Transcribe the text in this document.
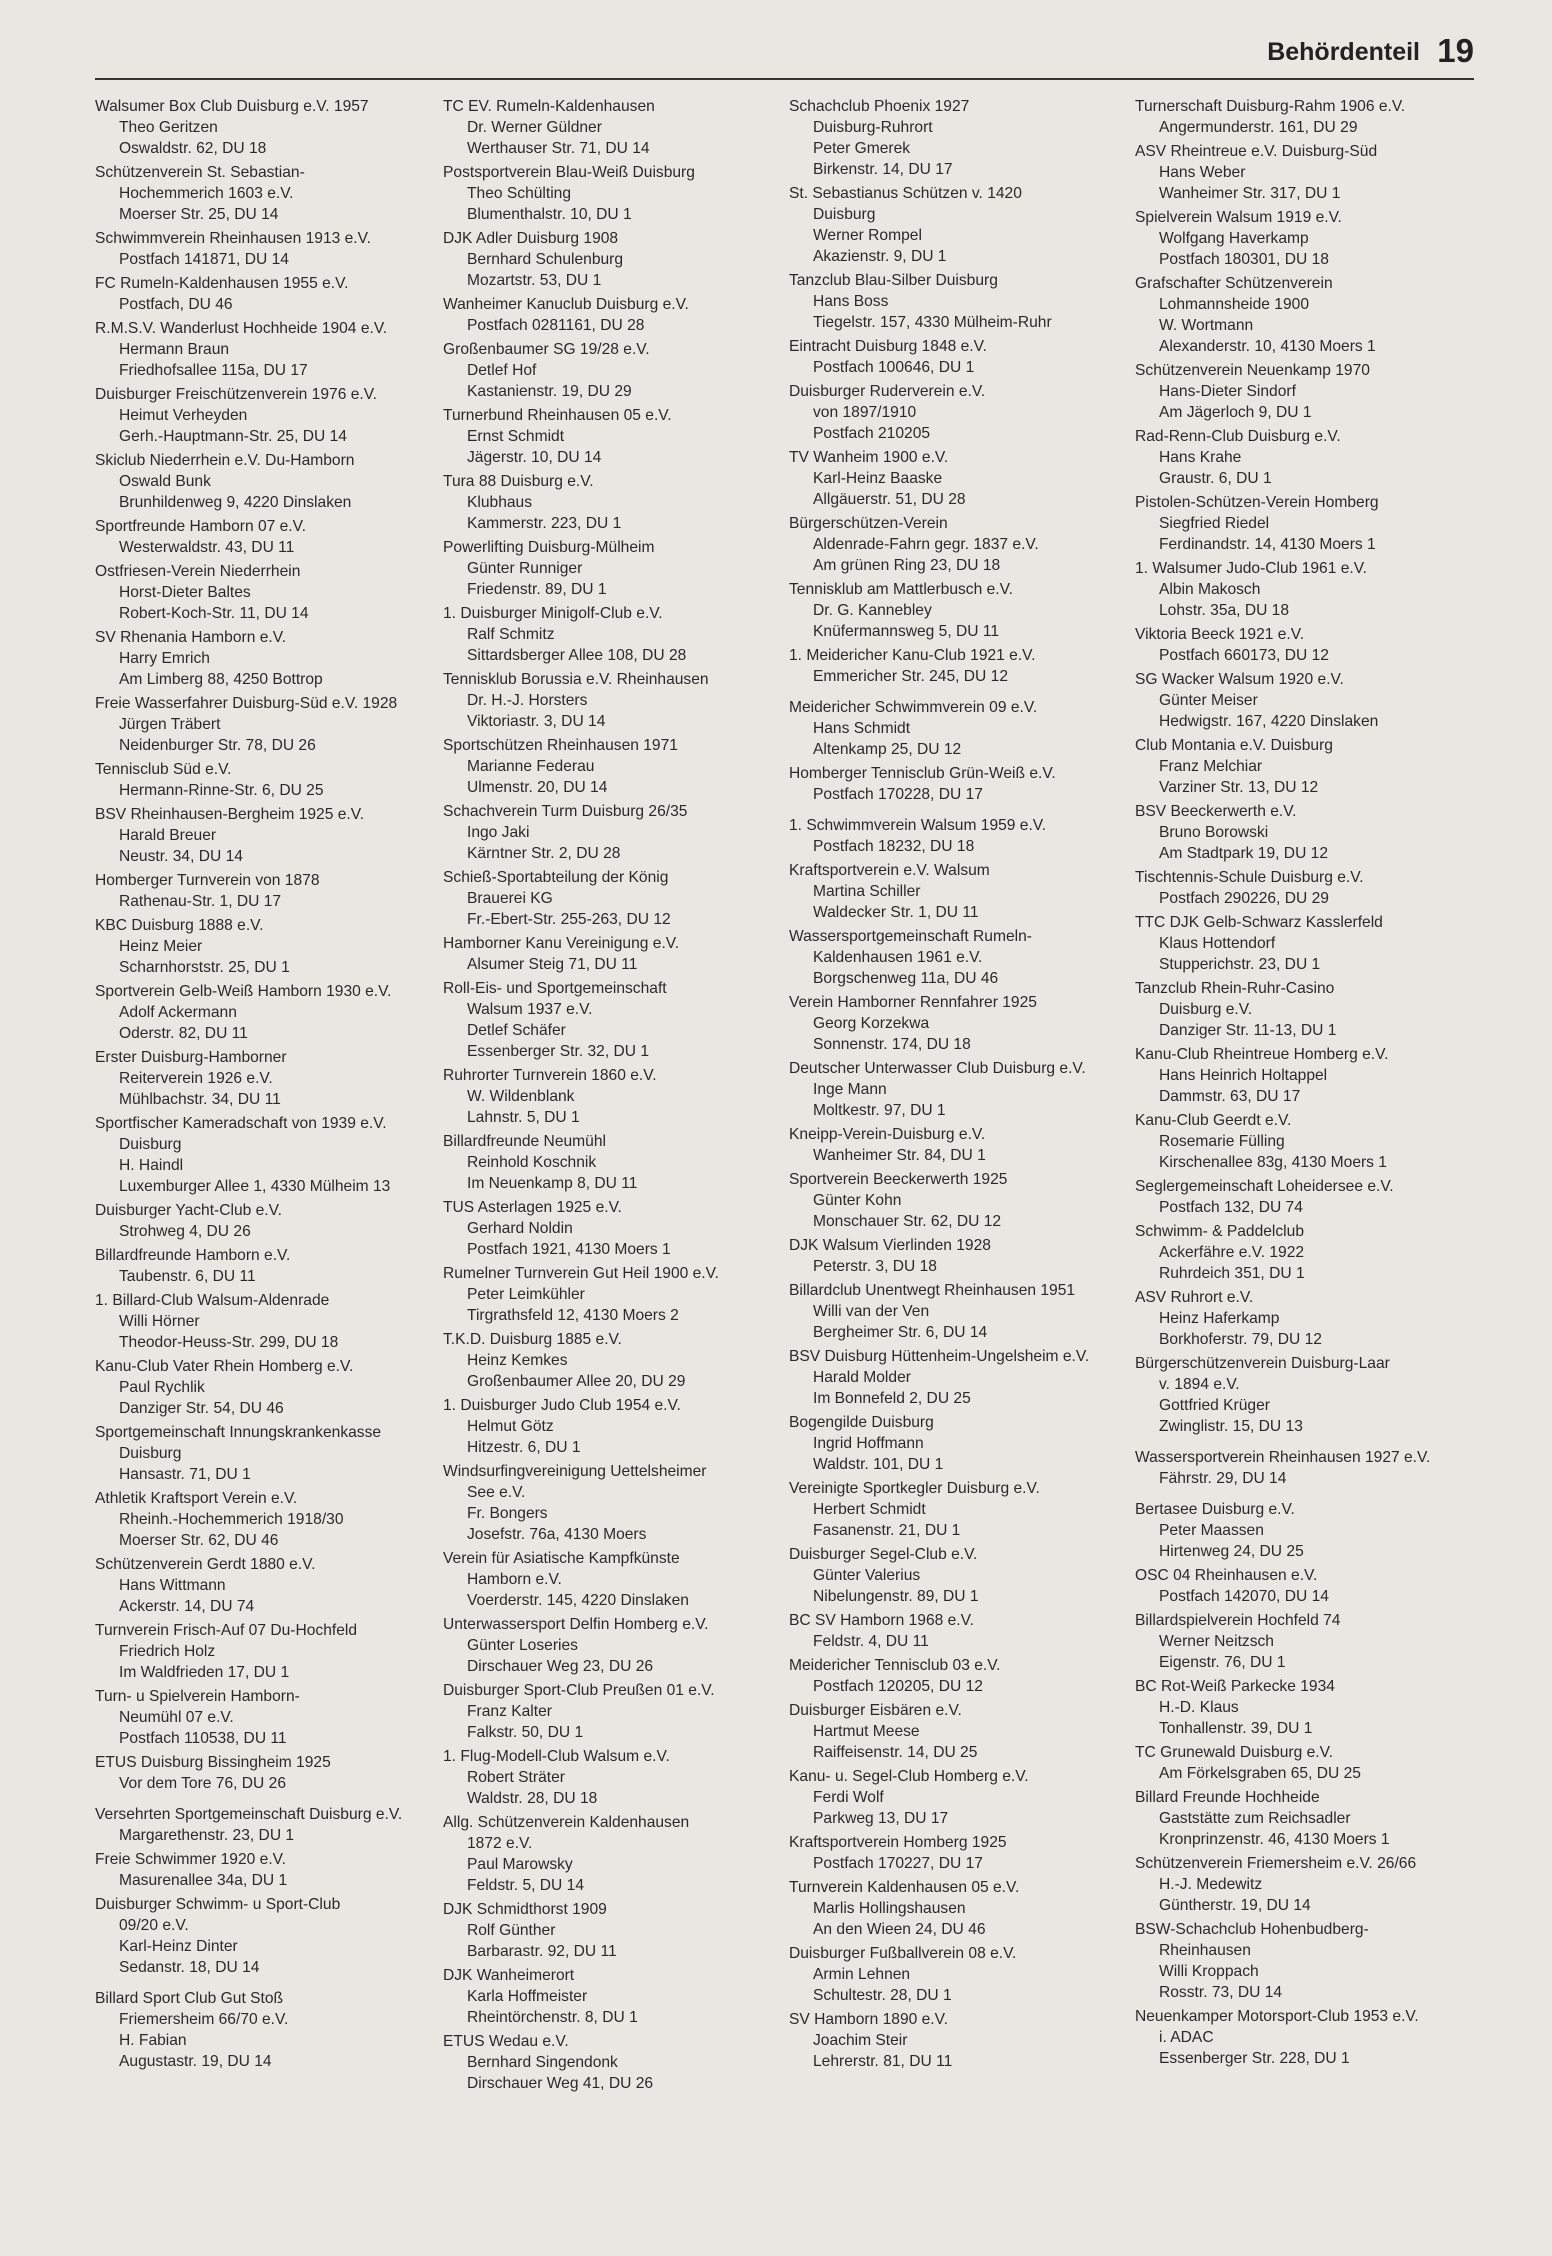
Behördenteil 19
Walsumer Box Club Duisburg e.V. 1957
Theo Geritzen
Oswaldstr. 62, DU 18
Schützenverein St. Sebastian-
Hochemmerich 1603 e.V.
Moerser Str. 25, DU 14
Schwimmverein Rheinhausen 1913 e.V.
Postfach 141871, DU 14
FC Rumeln-Kaldenhausen 1955 e.V.
Postfach, DU 46
R.M.S.V. Wanderlust Hochheide 1904 e.V.
Hermann Braun
Friedhofsallee 115a, DU 17
Duisburger Freischützenverein 1976 e.V.
Heimut Verheyden
Gerh.-Hauptmann-Str. 25, DU 14
Skiclub Niederrhein e.V. Du-Hamborn
Oswald Bunk
Brunhildenweg 9, 4220 Dinslaken
Sportfreunde Hamborn 07 e.V.
Westerwaldstr. 43, DU 11
Ostfriesen-Verein Niederrhein
Horst-Dieter Baltes
Robert-Koch-Str. 11, DU 14
SV Rhenania Hamborn e.V.
Harry Emrich
Am Limberg 88, 4250 Bottrop
Freie Wasserfahrer Duisburg-Süd e.V. 1928
Jürgen Träbert
Neidenburger Str. 78, DU 26
Tennisclub Süd e.V.
Hermann-Rinne-Str. 6, DU 25
BSV Rheinhausen-Bergheim 1925 e.V.
Harald Breuer
Neustr. 34, DU 14
Homberger Turnverein von 1878
Rathenau-Str. 1, DU 17
KBC Duisburg 1888 e.V.
Heinz Meier
Scharnhorststr. 25, DU 1
Sportverein Gelb-Weiß Hamborn 1930 e.V.
Adolf Ackermann
Oderstr. 82, DU 11
Erster Duisburg-Hamborner
Reiterverein 1926 e.V.
Mühlbachstr. 34, DU 11
Sportfischer Kameradschaft von 1939 e.V.
Duisburg
H. Haindl
Luxemburger Allee 1, 4330 Mülheim 13
Duisburger Yacht-Club e.V.
Strohweg 4, DU 26
Billardfreunde Hamborn e.V.
Taubenstr. 6, DU 11
1. Billard-Club Walsum-Aldenrade
Willi Hörner
Theodor-Heuss-Str. 299, DU 18
Kanu-Club Vater Rhein Homberg e.V.
Paul Rychlik
Danziger Str. 54, DU 46
Sportgemeinschaft Innungskrankenkasse
Duisburg
Hansastr. 71, DU 1
Athletik Kraftsport Verein e.V.
Rheinh.-Hochemmerich 1918/30
Moerser Str. 62, DU 46
Schützenverein Gerdt 1880 e.V.
Hans Wittmann
Ackerstr. 14, DU 74
Turnverein Frisch-Auf 07 Du-Hochfeld
Friedrich Holz
Im Waldfrieden 17, DU 1
Turn- u Spielverein Hamborn-
Neumühl 07 e.V.
Postfach 110538, DU 11
ETUS Duisburg Bissingheim 1925
Vor dem Tore 76, DU 26
Versehrten Sportgemeinschaft Duisburg e.V.
Margarethenstr. 23, DU 1
Freie Schwimmer 1920 e.V.
Masurenallee 34a, DU 1
Duisburger Schwimm- u Sport-Club
09/20 e.V.
Karl-Heinz Dinter
Sedanstr. 18, DU 14
Billard Sport Club Gut Stoß
Friemersheim 66/70 e.V.
H. Fabian
Augustastr. 19, DU 14
TC EV. Rumeln-Kaldenhausen
Dr. Werner Güldner
Werthauser Str. 71, DU 14
Postsportverein Blau-Weiß Duisburg
Theo Schülting
Blumenthalstr. 10, DU 1
DJK Adler Duisburg 1908
Bernhard Schulenburg
Mozartstr. 53, DU 1
Wanheimer Kanuclub Duisburg e.V.
Postfach 0281161, DU 28
Großenbaumer SG 19/28 e.V.
Detlef Hof
Kastanienstr. 19, DU 29
Turnerbund Rheinhausen 05 e.V.
Ernst Schmidt
Jägerstr. 10, DU 14
Tura 88 Duisburg e.V.
Klubhaus
Kammerstr. 223, DU 1
Powerlifting Duisburg-Mülheim
Günter Runniger
Friedenstr. 89, DU 1
1. Duisburger Minigolf-Club e.V.
Ralf Schmitz
Sittardsberger Allee 108, DU 28
Tennisklub Borussia e.V. Rheinhausen
Dr. H.-J. Horsters
Viktoriastr. 3, DU 14
Sportschützen Rheinhausen 1971
Marianne Federau
Ulmenstr. 20, DU 14
Schachverein Turm Duisburg 26/35
Ingo Jaki
Kärntner Str. 2, DU 28
Schieß-Sportabteilung der König
Brauerei KG
Fr.-Ebert-Str. 255-263, DU 12
Hamborner Kanu Vereinigung e.V.
Alsumer Steig 71, DU 11
Roll-Eis- und Sportgemeinschaft
Walsum 1937 e.V.
Detlef Schäfer
Essenberger Str. 32, DU 1
Ruhrorter Turnverein 1860 e.V.
W. Wildenblank
Lahnstr. 5, DU 1
Billardfreunde Neumühl
Reinhold Koschnik
Im Neuenkamp 8, DU 11
TUS Asterlagen 1925 e.V.
Gerhard Noldin
Postfach 1921, 4130 Moers 1
Rumelner Turnverein Gut Heil 1900 e.V.
Peter Leimkühler
Tirgrathsfeld 12, 4130 Moers 2
T.K.D. Duisburg 1885 e.V.
Heinz Kemkes
Großenbaumer Allee 20, DU 29
1. Duisburger Judo Club 1954 e.V.
Helmut Götz
Hitzestr. 6, DU 1
Windsurfingvereinigung Uettelsheimer
See e.V.
Fr. Bongers
Josefstr. 76a, 4130 Moers
Verein für Asiatische Kampfkünste
Hamborn e.V.
Voerderstr. 145, 4220 Dinslaken
Unterwassersport Delfin Homberg e.V.
Günter Loseries
Dirschauer Weg 23, DU 26
Duisburger Sport-Club Preußen 01 e.V.
Franz Kalter
Falkstr. 50, DU 1
1. Flug-Modell-Club Walsum e.V.
Robert Sträter
Waldstr. 28, DU 18
Allg. Schützenverein Kaldenhausen
1872 e.V.
Paul Marowsky
Feldstr. 5, DU 14
DJK Schmidthorst 1909
Rolf Günther
Barbarastr. 92, DU 11
DJK Wanheimerort
Karla Hoffmeister
Rheintörchenstr. 8, DU 1
ETUS Wedau e.V.
Bernhard Singendonk
Dirschauer Weg 41, DU 26
Schachclub Phoenix 1927
Duisburg-Ruhrort
Peter Gmerek
Birkenstr. 14, DU 17
St. Sebastianus Schützen v. 1420
Duisburg
Werner Rompel
Akazienstr. 9, DU 1
Tanzclub Blau-Silber Duisburg
Hans Boss
Tiegelstr. 157, 4330 Mülheim-Ruhr
Eintracht Duisburg 1848 e.V.
Postfach 100646, DU 1
Duisburger Ruderverein e.V.
von 1897/1910
Postfach 210205
TV Wanheim 1900 e.V.
Karl-Heinz Baaske
Allgäuerstr. 51, DU 28
Bürgerschützen-Verein
Aldenrade-Fahrn gegr. 1837 e.V.
Am grünen Ring 23, DU 18
Tennisklub am Mattlerbusch e.V.
Dr. G. Kannebley
Knüfermannsweg 5, DU 11
1. Meidericher Kanu-Club 1921 e.V.
Emmericher Str. 245, DU 12
Meidericher Schwimmverein 09 e.V.
Hans Schmidt
Altenkamp 25, DU 12
Homberger Tennisclub Grün-Weiß e.V.
Postfach 170228, DU 17
1. Schwimmverein Walsum 1959 e.V.
Postfach 18232, DU 18
Kraftsportverein e.V. Walsum
Martina Schiller
Waldecker Str. 1, DU 11
Wassersportgemeinschaft Rumeln-
Kaldenhausen 1961 e.V.
Borgschenweg 11a, DU 46
Verein Hamborner Rennfahrer 1925
Georg Korzekwa
Sonnenstr. 174, DU 18
Deutscher Unterwasser Club Duisburg e.V.
Inge Mann
Moltkestr. 97, DU 1
Kneipp-Verein-Duisburg e.V.
Wanheimer Str. 84, DU 1
Sportverein Beeckerwerth 1925
Günter Kohn
Monschauer Str. 62, DU 12
DJK Walsum Vierlinden 1928
Peterstr. 3, DU 18
Billardclub Unentwegt Rheinhausen 1951
Willi van der Ven
Bergheimer Str. 6, DU 14
BSV Duisburg Hüttenheim-Ungelsheim e.V.
Harald Molder
Im Bonnefeld 2, DU 25
Bogengilde Duisburg
Ingrid Hoffmann
Waldstr. 101, DU 1
Vereinigte Sportkegler Duisburg e.V.
Herbert Schmidt
Fasanenstr. 21, DU 1
Duisburger Segel-Club e.V.
Günter Valerius
Nibelungenstr. 89, DU 1
BC SV Hamborn 1968 e.V.
Feldstr. 4, DU 11
Meidericher Tennisclub 03 e.V.
Postfach 120205, DU 12
Duisburger Eisbären e.V.
Hartmut Meese
Raiffeisenstr. 14, DU 25
Kanu- u. Segel-Club Homberg e.V.
Ferdi Wolf
Parkweg 13, DU 17
Kraftsportverein Homberg 1925
Postfach 170227, DU 17
Turnverein Kaldenhausen 05 e.V.
Marlis Hollingshausen
An den Wieen 24, DU 46
Duisburger Fußballverein 08 e.V.
Armin Lehnen
Schultestr. 28, DU 1
SV Hamborn 1890 e.V.
Joachim Steir
Lehrerstr. 81, DU 11
Turnerschaft Duisburg-Rahm 1906 e.V.
Angermunderstr. 161, DU 29
ASV Rheintreue e.V. Duisburg-Süd
Hans Weber
Wanheimer Str. 317, DU 1
Spielverein Walsum 1919 e.V.
Wolfgang Haverkamp
Postfach 180301, DU 18
Grafschafter Schützenverein
Lohmannsheide 1900
W. Wortmann
Alexanderstr. 10, 4130 Moers 1
Schützenverein Neuenkamp 1970
Hans-Dieter Sindorf
Am Jägerloch 9, DU 1
Rad-Renn-Club Duisburg e.V.
Hans Krahe
Graustr. 6, DU 1
Pistolen-Schützen-Verein Homberg
Siegfried Riedel
Ferdinandstr. 14, 4130 Moers 1
1. Walsumer Judo-Club 1961 e.V.
Albin Makosch
Lohstr. 35a, DU 18
Viktoria Beeck 1921 e.V.
Postfach 660173, DU 12
SG Wacker Walsum 1920 e.V.
Günter Meiser
Hedwigstr. 167, 4220 Dinslaken
Club Montania e.V. Duisburg
Franz Melchiar
Varziner Str. 13, DU 12
BSV Beeckerwerth e.V.
Bruno Borowski
Am Stadtpark 19, DU 12
Tischtennis-Schule Duisburg e.V.
Postfach 290226, DU 29
TTC DJK Gelb-Schwarz Kasslerfeld
Klaus Hottendorf
Stupperichstr. 23, DU 1
Tanzclub Rhein-Ruhr-Casino
Duisburg e.V.
Danziger Str. 11-13, DU 1
Kanu-Club Rheintreue Homberg e.V.
Hans Heinrich Holtappel
Dammstr. 63, DU 17
Kanu-Club Geerdt e.V.
Rosemarie Fülling
Kirschenallee 83g, 4130 Moers 1
Seglergemeinschaft Loheidersee e.V.
Postfach 132, DU 74
Schwimm- & Paddelclub
Ackerfähre e.V. 1922
Ruhrdeich 351, DU 1
ASV Ruhrort e.V.
Heinz Haferkamp
Borkhoferstr. 79, DU 12
Bürgerschützenverein Duisburg-Laar
v. 1894 e.V.
Gottfried Krüger
Zwinglistr. 15, DU 13
Wassersportverein Rheinhausen 1927 e.V.
Fährstr. 29, DU 14
Bertasee Duisburg e.V.
Peter Maassen
Hirtenweg 24, DU 25
OSC 04 Rheinhausen e.V.
Postfach 142070, DU 14
Billardspielverein Hochfeld 74
Werner Neitzsch
Eigenstr. 76, DU 1
BC Rot-Weiß Parkecke 1934
H.-D. Klaus
Tonhallenstr. 39, DU 1
TC Grunewald Duisburg e.V.
Am Förkelsgraben 65, DU 25
Billard Freunde Hochheide
Gaststätte zum Reichsadler
Kronprinzenstr. 46, 4130 Moers 1
Schützenverein Friemersheim e.V. 26/66
H.-J. Medewitz
Güntherstr. 19, DU 14
BSW-Schachclub Hohenbudberg-
Rheinhausen
Willi Kroppach
Rosstr. 73, DU 14
Neuenkamper Motorsport-Club 1953 e.V.
i. ADAC
Essenberger Str. 228, DU 1
